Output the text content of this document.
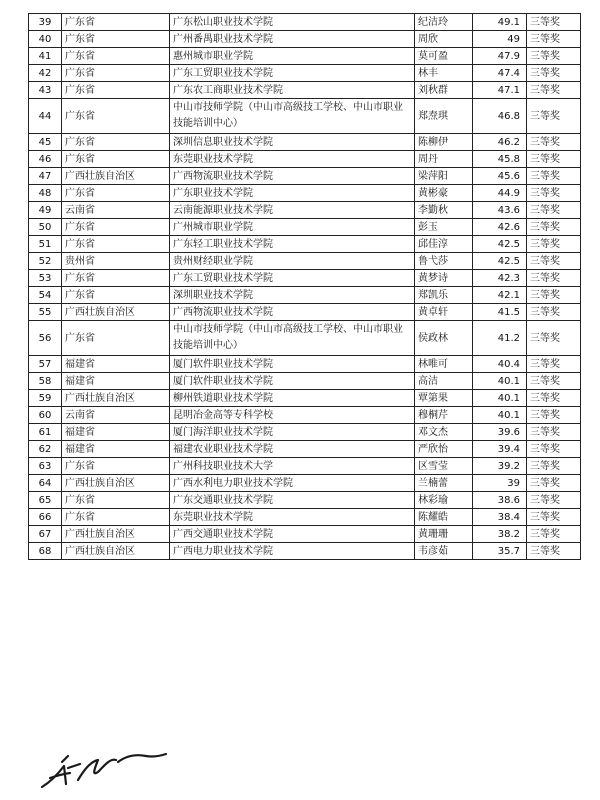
39	广东省	广东松山职业技术学院	纪洁玲	49.1	三等奖
40	广东省	广州番禺职业技术学院	周欣	49	三等奖
41	广东省	惠州城市职业学院	莫可盈	47.9	三等奖
42	广东省	广东工贸职业技术学院	林丰	47.4	三等奖
43	广东省	广东农工商职业技术学院	刘秋群	47.1	三等奖
44	广东省	中山市技师学院（中山市高级技工学校、中山市职业技能培训中心）	郑焘琪	46.8	三等奖
45	广东省	深圳信息职业技术学院	陈柳伊	46.2	三等奖
46	广东省	东莞职业技术学院	周丹	45.8	三等奖
47	广西壮族自治区	广西物流职业技术学院	梁萍阳	45.6	三等奖
48	广东省	广东职业技术学院	黄彬豪	44.9	三等奖
49	云南省	云南能源职业技术学院	李勤秋	43.6	三等奖
50	广东省	广州城市职业学院	彭玉	42.6	三等奖
51	广东省	广东轻工职业技术学院	邱佳淳	42.5	三等奖
52	贵州省	贵州财经职业学院	鲁弋莎	42.5	三等奖
53	广东省	广东工贸职业技术学院	黄梦诗	42.3	三等奖
54	广东省	深圳职业技术学院	郑凯乐	42.1	三等奖
55	广西壮族自治区	广西物流职业技术学院	黄卓轩	41.5	三等奖
56	广东省	中山市技师学院（中山市高级技工学校、中山市职业技能培训中心）	侯政林	41.2	三等奖
57	福建省	厦门软件职业技术学院	林唯可	40.4	三等奖
58	福建省	厦门软件职业技术学院	高洁	40.1	三等奖
59	广西壮族自治区	柳州铁道职业技术学院	覃第果	40.1	三等奖
60	云南省	昆明冶金高等专科学校	穆桐芹	40.1	三等奖
61	福建省	厦门海洋职业技术学院	邓文杰	39.6	三等奖
62	福建省	福建农业职业技术学院	严欣怡	39.4	三等奖
63	广东省	广州科技职业技术大学	区雪莹	39.2	三等奖
64	广西壮族自治区	广西水利电力职业技术学院	兰楠蕾	39	三等奖
65	广东省	广东交通职业技术学院	林彩瑜	38.6	三等奖
66	广东省	东莞职业技术学院	陈耀皓	38.4	三等奖
67	广西壮族自治区	广西交通职业技术学院	黄珊珊	38.2	三等奖
68	广西壮族自治区	广西电力职业技术学院	韦彦茹	35.7	三等奖
